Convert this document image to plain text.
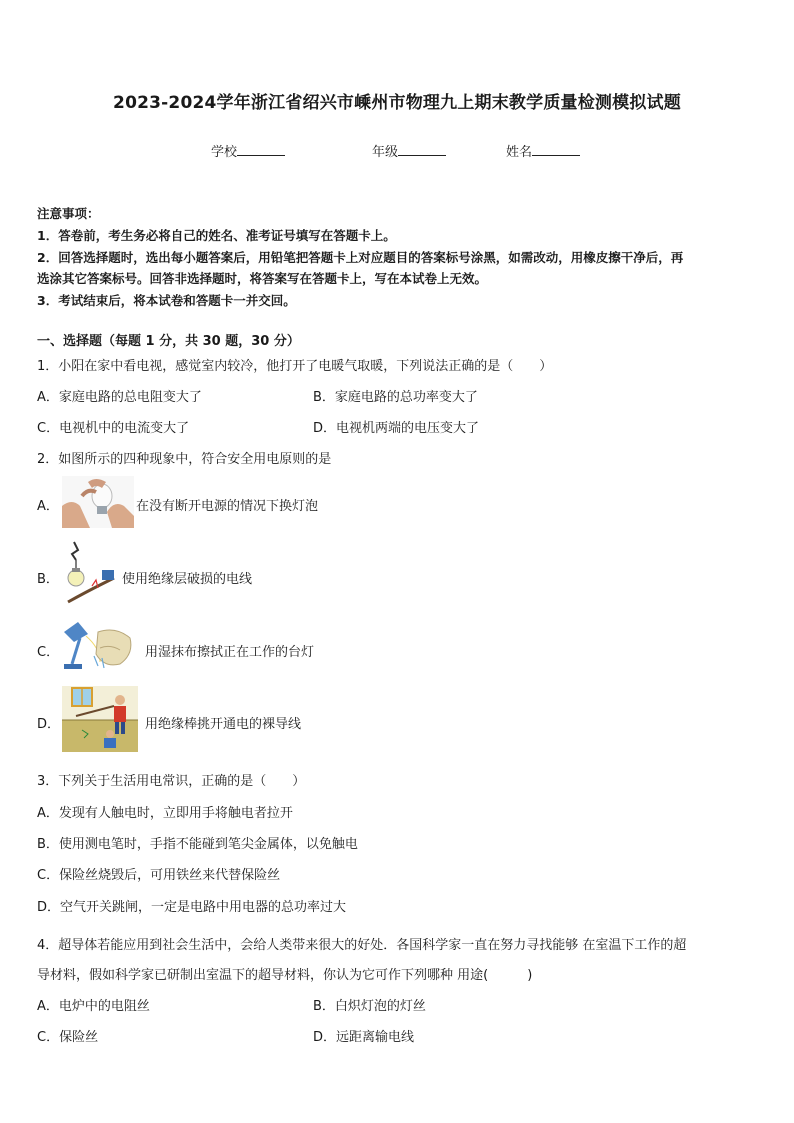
2023-2024学年浙江省绍兴市嵊州市物理九上期末教学质量检测模拟试题
学校	年级	姓名
注意事项：
1．答卷前，考生务必将自己的姓名、准考证号填写在答题卡上。
2．回答选择题时，选出每小题答案后，用铅笔把答题卡上对应题目的答案标号涂黑，如需改动，用橡皮擦干净后，再
选涂其它答案标号。回答非选择题时，将答案写在答题卡上，写在本试卷上无效。
3．考试结束后，将本试卷和答题卡一并交回。
一、选择题（每题 1 分，共 30 题，30 分）
1．小阳在家中看电视，感觉室内较冷，他打开了电暖气取暖，下列说法正确的是（　　）
A．家庭电路的总电阻变大了	B．家庭电路的总功率变大了
C．电视机中的电流变大了	D．电视机两端的电压变大了
2．如图所示的四种现象中，符合安全用电原则的是
A．	在没有断开电源的情况下换灯泡
B．	使用绝缘层破损的电线
C．	用湿抹布擦拭正在工作的台灯
D．	用绝缘棒挑开通电的裸导线
3．下列关于生活用电常识，正确的是（　　）
A．发现有人触电时，立即用手将触电者拉开
B．使用测电笔时，手指不能碰到笔尖金属体，以免触电
C．保险丝烧毁后，可用铁丝来代替保险丝
D．空气开关跳闸，一定是电路中用电器的总功率过大
4．超导体若能应用到社会生活中，会给人类带来很大的好处．各国科学家一直在努力寻找能够 在室温下工作的超
导材料，假如科学家已研制出室温下的超导材料，你认为它可作下列哪种 用途(　　　)
A．电炉中的电阻丝	B．白炽灯泡的灯丝
C．保险丝	D．远距离输电线
